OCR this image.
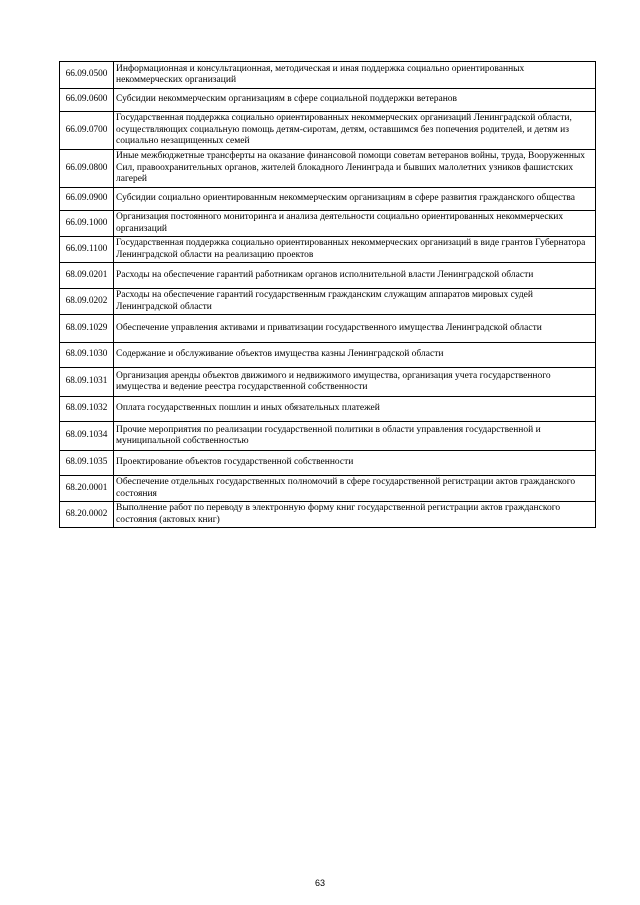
66.09.0500	Информационная и консультационная, методическая и иная поддержка социально ориентированных некоммерческих организаций
66.09.0600	Субсидии некоммерческим организациям в сфере социальной поддержки ветеранов
66.09.0700	Государственная поддержка социально ориентированных некоммерческих организаций Ленинградской области, осуществляющих социальную помощь детям-сиротам, детям, оставшимся без попечения родителей, и детям из социально незащищенных семей
66.09.0800	Иные межбюджетные трансферты на оказание финансовой помощи советам ветеранов войны, труда, Вооруженных Сил, правоохранительных органов, жителей блокадного Ленинграда и бывших малолетних узников фашистских лагерей
66.09.0900	Субсидии социально ориентированным некоммерческим организациям в сфере развития гражданского общества
66.09.1000	Организация постоянного мониторинга и анализа деятельности социально ориентированных некоммерческих организаций
66.09.1100	Государственная поддержка социально ориентированных некоммерческих организаций в виде грантов Губернатора Ленинградской области на реализацию проектов
68.09.0201	Расходы на обеспечение гарантий работникам органов исполнительной власти Ленинградской области
68.09.0202	Расходы на обеспечение гарантий государственным гражданским служащим аппаратов мировых судей Ленинградской области
68.09.1029	Обеспечение управления активами и приватизации государственного имущества Ленинградской области
68.09.1030	Содержание и обслуживание объектов имущества казны Ленинградской области
68.09.1031	Организация аренды объектов движимого и недвижимого имущества, организация учета государственного имущества и ведение реестра государственной собственности
68.09.1032	Оплата государственных пошлин и иных обязательных платежей
68.09.1034	Прочие мероприятия по реализации государственной политики в области управления государственной и муниципальной собственностью
68.09.1035	Проектирование объектов государственной собственности
68.20.0001	Обеспечение отдельных государственных полномочий в сфере государственной регистрации актов гражданского состояния
68.20.0002	Выполнение работ по переводу в электронную форму книг государственной регистрации актов гражданского состояния (актовых книг)
63
